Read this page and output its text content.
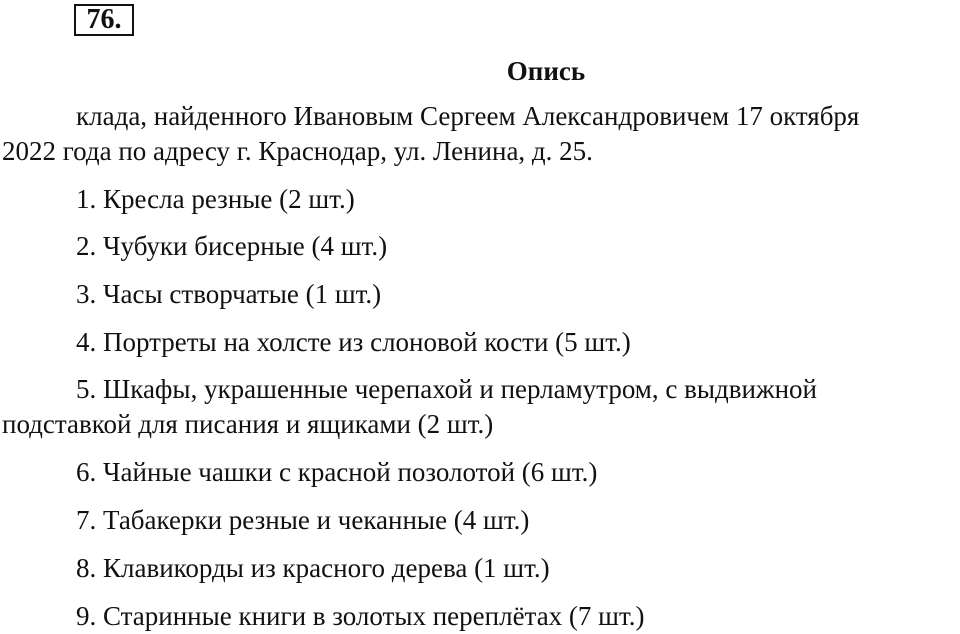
76.
Опись
клада, найденного Ивановым Сергеем Александровичем 17 октября
2022 года по адресу г. Краснодар, ул. Ленина, д. 25.
1. Кресла резные (2 шт.)
2. Чубуки бисерные (4 шт.)
3. Часы створчатые (1 шт.)
4. Портреты на холсте из слоновой кости (5 шт.)
5. Шкафы, украшенные черепахой и перламутром, с выдвижной
подставкой для писания и ящиками (2 шт.)
6. Чайные чашки с красной позолотой (6 шт.)
7. Табакерки резные и чеканные (4 шт.)
8. Клавикорды из красного дерева (1 шт.)
9. Старинные книги в золотых переплётах (7 шт.)
